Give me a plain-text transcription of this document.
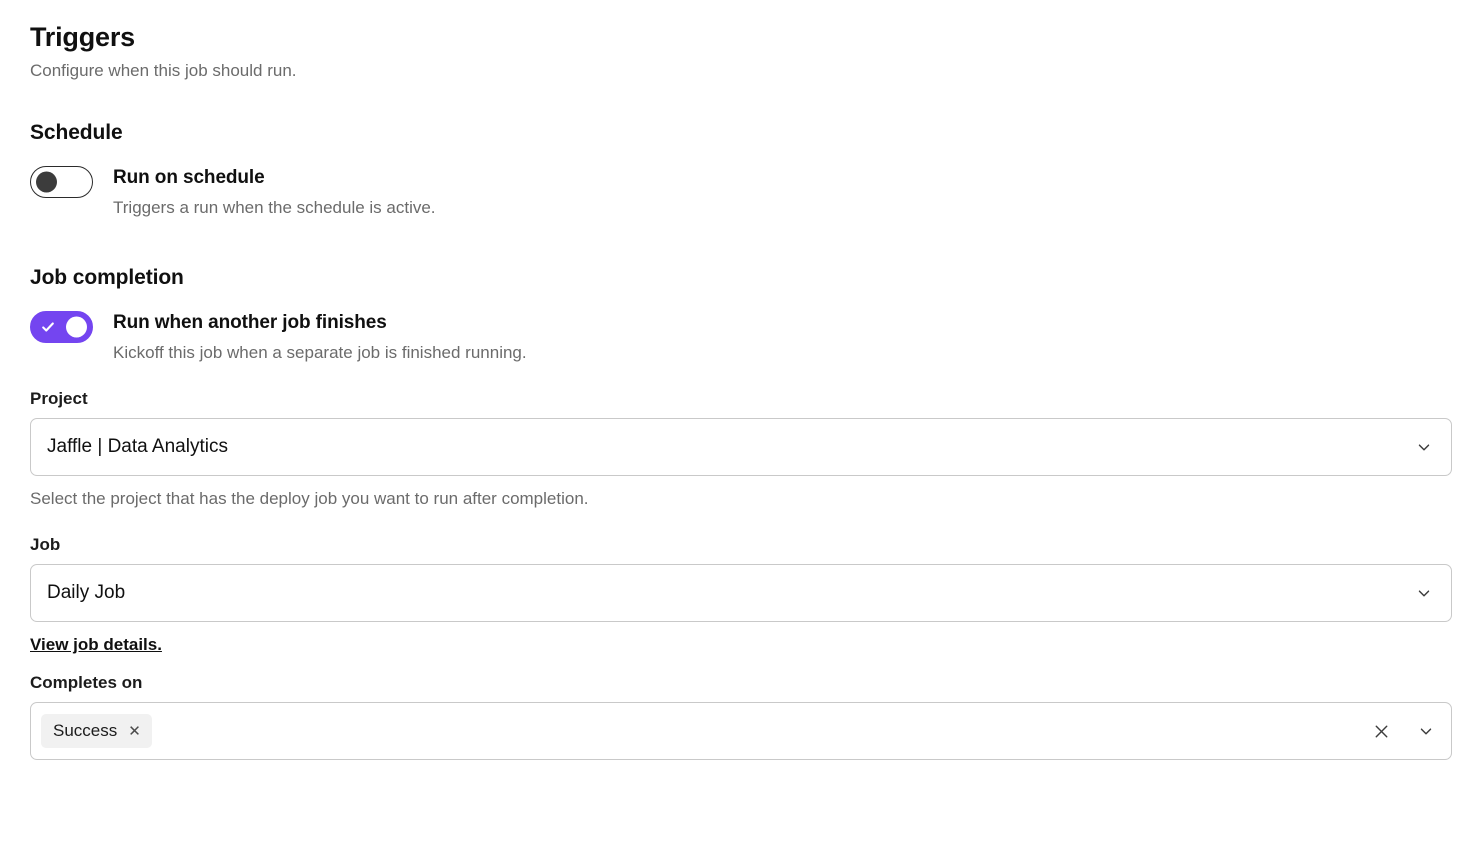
Triggers

Configure when this job should run.

Schedule

Run on schedule

Triggers a run when the schedule is active.

Job completion

Run when another job finishes

Kickoff this job when a separate job is finished running.

Project

Jaffle | Data Analytics

Select the project that has the deploy job you want to run after completion.

Job

Daily Job
View job details.

Completes on

Success ✕
